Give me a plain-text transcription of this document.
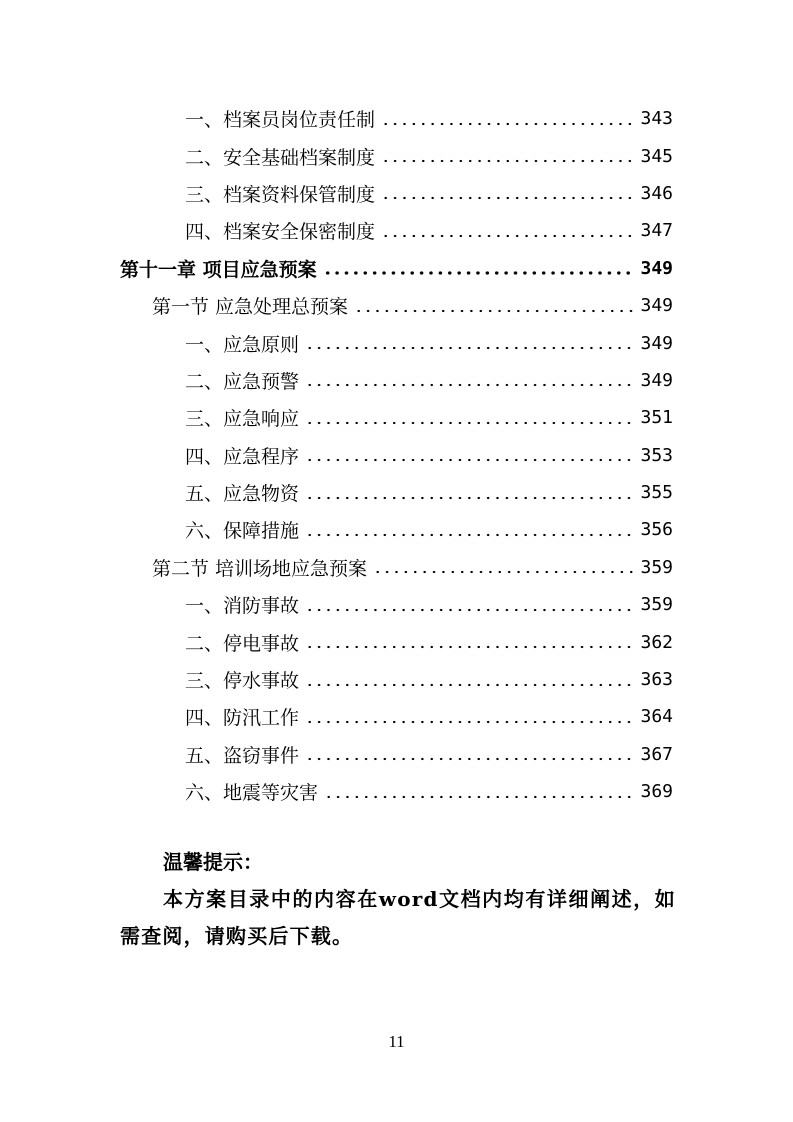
一、档案员岗位责任制	343
二、安全基础档案制度	345
三、档案资料保管制度	346
四、档案安全保密制度	347
第十一章 项目应急预案	349
第一节 应急处理总预案	349
一、应急原则	349
二、应急预警	349
三、应急响应	351
四、应急程序	353
五、应急物资	355
六、保障措施	356
第二节 培训场地应急预案	359
一、消防事故	359
二、停电事故	362
三、停水事故	363
四、防汛工作	364
五、盗窃事件	367
六、地震等灾害	369
温馨提示：
本方案目录中的内容在word文档内均有详细阐述，如需查阅，请购买后下载。
11
